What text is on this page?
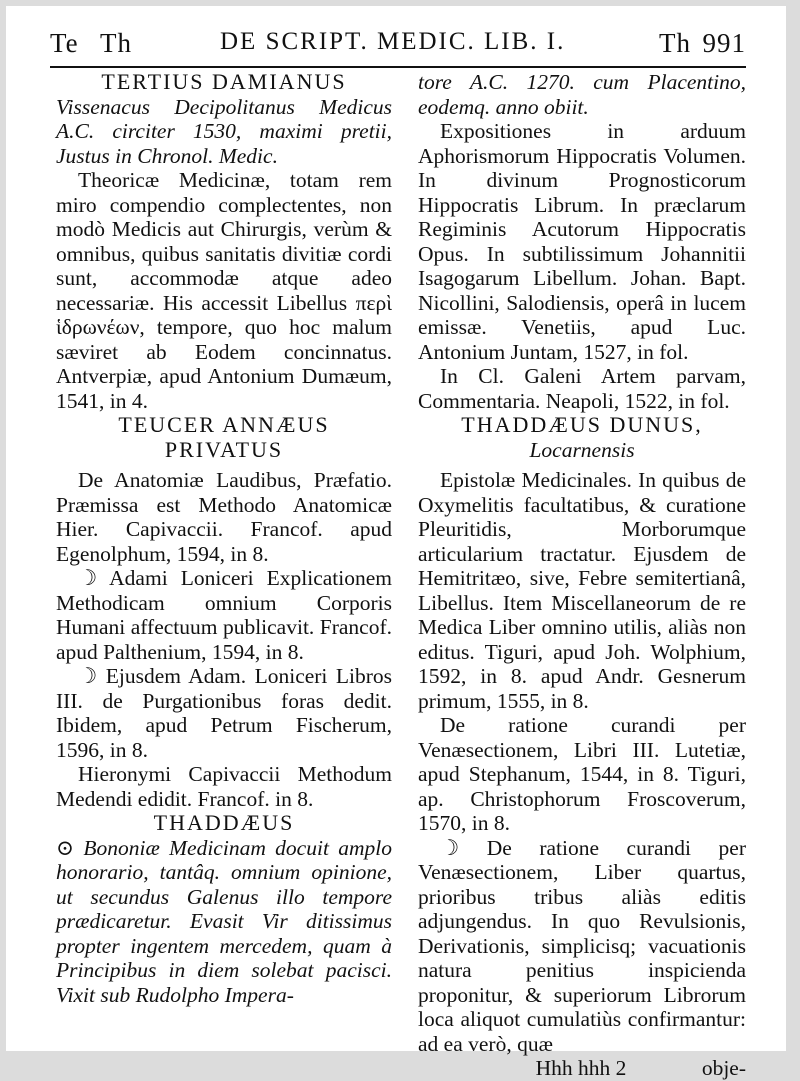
Te Th	DE SCRIPT. MEDIC. LIB. I.	Th 991

TERTIUS DAMIANUS

Vissenacus Decipolitanus Medicus A.C. circiter 1530, maximi pretii, Justus in Chronol. Medic.

Theoricæ Medicinæ, totam rem miro compendio complectentes, non modò Medicis aut Chirurgis, verùm & omnibus, quibus sanitatis divitiæ cordi sunt, accommodæ atque adeo necessariæ. His accessit Libellus περὶ ἱδρωνέων, tempore, quo hoc malum sæviret ab Eodem concinnatus. Antverpiæ, apud Antonium Dumæum, 1541, in 4.

TEUCER ANNÆUS

PRIVATUS

De Anatomiæ Laudibus, Præfatio. Præmissa est Methodo Anatomicæ Hier. Capivaccii. Francof. apud Egenolphum, 1594, in 8.

☽ Adami Loniceri Explicationem Methodicam omnium Corporis Humani affectuum publicavit. Francof. apud Palthenium, 1594, in 8.

☽ Ejusdem Adam. Loniceri Libros III. de Purgationibus foras dedit. Ibidem, apud Petrum Fischerum, 1596, in 8.

Hieronymi Capivaccii Methodum Medendi edidit. Francof. in 8.

THADDÆUS

⊙ Bononiæ Medicinam docuit amplo honorario, tantâq. omnium opinione, ut secundus Galenus illo tempore prædicaretur. Evasit Vir ditissimus propter ingentem mercedem, quam à Principibus in diem solebat pacisci. Vixit sub Rudolpho Impera-

tore A.C. 1270. cum Placentino, eodemq. anno obiit.

Expositiones in arduum Aphorismorum Hippocratis Volumen. In divinum Prognosticorum Hippocratis Librum. In præclarum Regiminis Acutorum Hippocratis Opus. In subtilissimum Johannitii Isagogarum Libellum. Johan. Bapt. Nicollini, Salodiensis, operâ in lucem emissæ. Venetiis, apud Luc. Antonium Juntam, 1527, in fol.

In Cl. Galeni Artem parvam, Commentaria. Neapoli, 1522, in fol.

THADDÆUS DUNUS,

Locarnensis

Epistolæ Medicinales. In quibus de Oxymelitis facultatibus, & curatione Pleuritidis, Morborumque articularium tractatur. Ejusdem de Hemitritæo, sive, Febre semitertianâ, Libellus. Item Miscellaneorum de re Medica Liber omnino utilis, aliàs non editus. Tiguri, apud Joh. Wolphium, 1592, in 8. apud Andr. Gesnerum primum, 1555, in 8.

De ratione curandi per Venæsectionem, Libri III. Lutetiæ, apud Stephanum, 1544, in 8. Tiguri, ap. Christophorum Froscoverum, 1570, in 8.

☽ De ratione curandi per Venæsectionem, Liber quartus, prioribus tribus aliàs editis adjungendus. In quo Revulsionis, Derivationis, simplicisq; vacuationis natura penitius inspicienda proponitur, & superiorum Librorum loca aliquot cumulatiùs confirmantur: ad ea verò, quæ

Hhh hhh 2	obje-
